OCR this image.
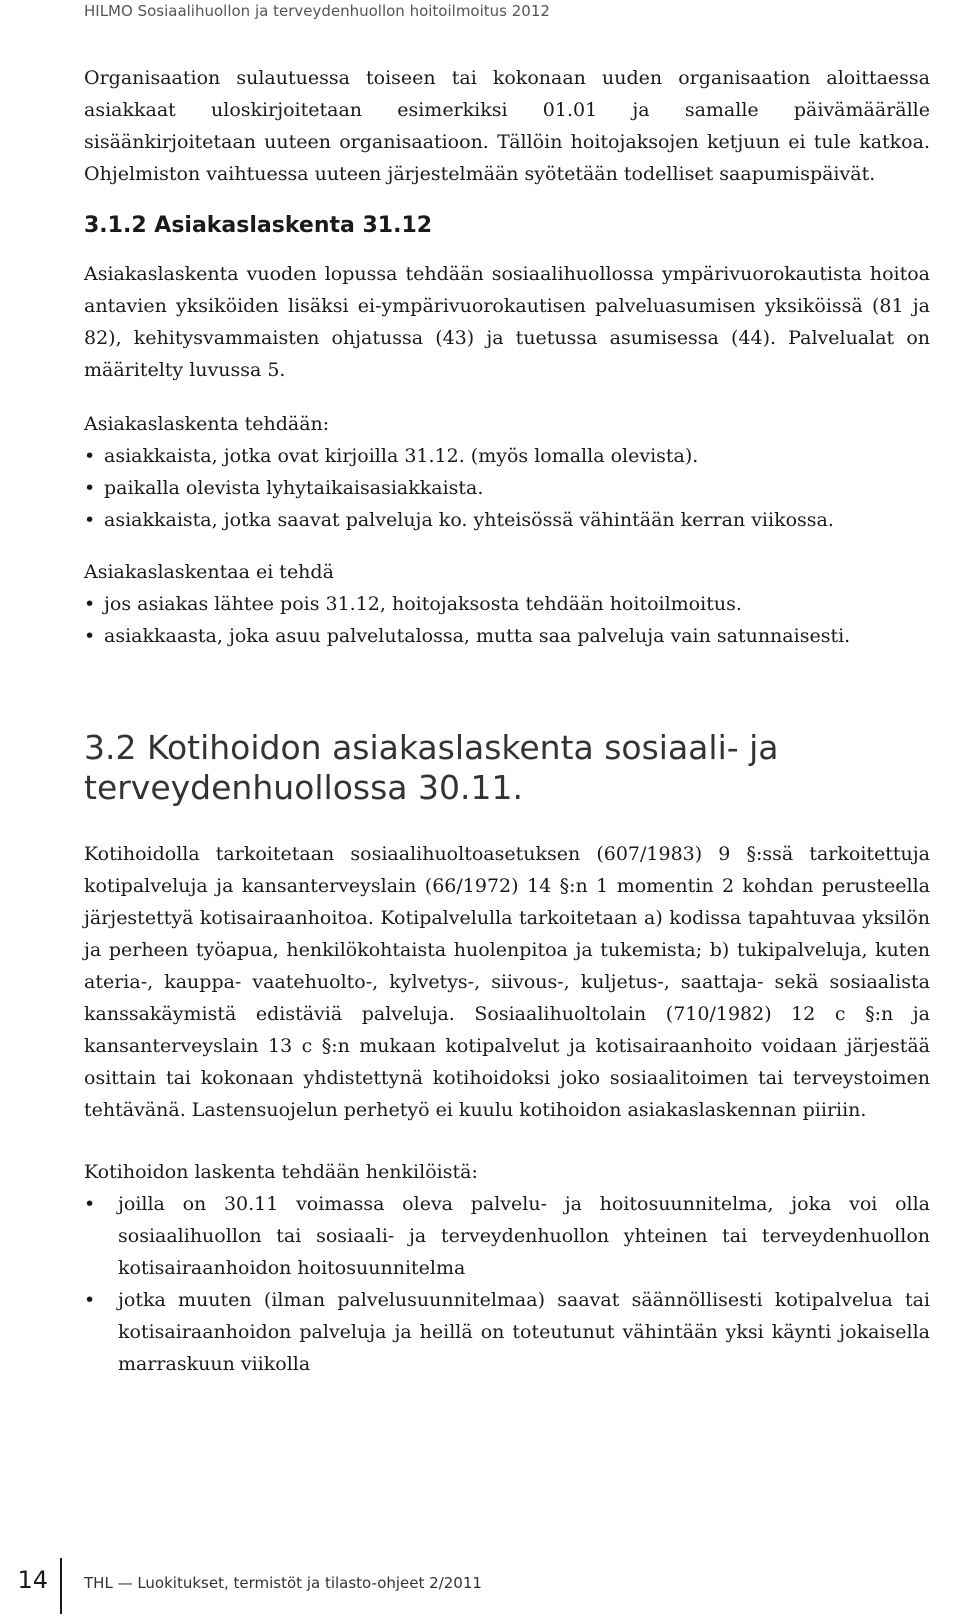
HILMO Sosiaalihuollon ja terveydenhuollon hoitoilmoitus 2012

Organisaation sulautuessa toiseen tai kokonaan uuden organisaation aloittaessa asiakkaat uloskirjoitetaan esimerkiksi 01.01 ja samalle päivämäärälle sisäänkirjoitetaan uuteen organisaatioon. Tällöin hoitojaksojen ketjuun ei tule katkoa. Ohjelmiston vaihtuessa uuteen järjestelmään syötetään todelliset saapumispäivät.

3.1.2 Asiakaslaskenta 31.12

Asiakaslaskenta vuoden lopussa tehdään sosiaalihuollossa ympärivuorokautista hoitoa antavien yksiköiden lisäksi ei-ympärivuorokautisen palveluasumisen yksiköissä (81 ja 82), kehitysvammaisten ohjatussa (43) ja tuetussa asumisessa (44). Palvelualat on määritelty luvussa 5.

Asiakaslaskenta tehdään:

• asiakkaista, jotka ovat kirjoilla 31.12. (myös lomalla olevista).
• paikalla olevista lyhytaikaisasiakkaista.
• asiakkaista, jotka saavat palveluja ko. yhteisössä vähintään kerran viikossa.

Asiakaslaskentaa ei tehdä

• jos asiakas lähtee pois 31.12, hoitojaksosta tehdään hoitoilmoitus.
• asiakkaasta, joka asuu palvelutalossa, mutta saa palveluja vain satunnaisesti.
3.2 Kotihoidon asiakaslaskenta sosiaali- ja terveydenhuollossa 30.11.

Kotihoidolla tarkoitetaan sosiaalihuoltoasetuksen (607/1983) 9 §:ssä tarkoitettuja kotipalveluja ja kansanterveyslain (66/1972) 14 §:n 1 momentin 2 kohdan perusteella järjestettyä kotisairaanhoitoa. Kotipalvelulla tarkoitetaan a) kodissa tapahtuvaa yksilön ja perheen työapua, henkilökohtaista huolenpitoa ja tukemista; b) tukipalveluja, kuten ateria-, kauppa- vaatehuolto-, kylvetys-, siivous-, kuljetus-, saattaja- sekä sosiaalista kanssakäymistä edistäviä palveluja. Sosiaalihuoltolain (710/1982) 12 c §:n ja kansanterveyslain 13 c §:n mukaan kotipalvelut ja kotisairaanhoito voidaan järjestää osittain tai kokonaan yhdistettynä kotihoidoksi joko sosiaalitoimen tai terveystoimen tehtävänä. Lastensuojelun perhetyö ei kuulu kotihoidon asiakaslaskennan piiriin.

Kotihoidon laskenta tehdään henkilöistä:

• joilla on 30.11 voimassa oleva palvelu- ja hoitosuunnitelma, joka voi olla sosiaalihuollon tai sosiaali- ja terveydenhuollon yhteinen tai terveydenhuollon kotisairaanhoidon hoitosuunnitelma
• jotka muuten (ilman palvelusuunnitelmaa) saavat säännöllisesti kotipalvelua tai kotisairaanhoidon palveluja ja heillä on toteutunut vähintään yksi käynti jokaisella marraskuun viikolla
14 THL — Luokitukset, termistöt ja tilasto-ohjeet 2/2011
